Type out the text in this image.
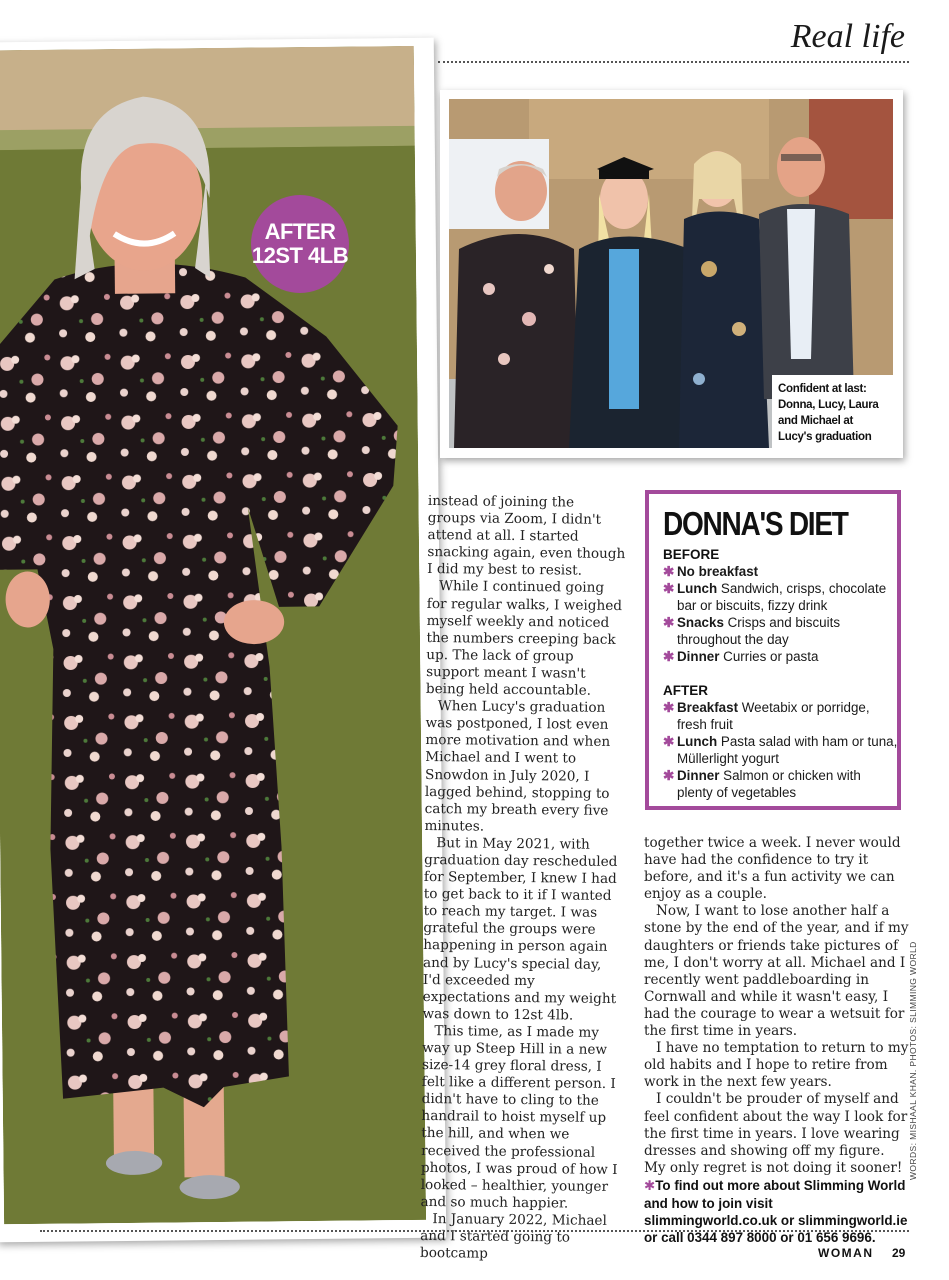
Real life
AFTER
12ST 4LB
Confident at last: Donna, Lucy, Laura and Michael at Lucy's graduation

instead of joining the groups via Zoom, I didn't attend at all. I started snacking again, even though I did my best to resist.

While I continued going for regular walks, I weighed myself weekly and noticed the numbers creeping back up. The lack of group support meant I wasn't being held accountable.

When Lucy's graduation was postponed, I lost even more motivation and when Michael and I went to Snowdon in July 2020, I lagged behind, stopping to catch my breath every five minutes.

But in May 2021, with graduation day rescheduled for September, I knew I had to get back to it if I wanted to reach my target. I was grateful the groups were happening in person again and by Lucy's special day, I'd exceeded my expectations and my weight was down to 12st 4lb.

This time, as I made my way up Steep Hill in a new size-14 grey floral dress, I felt like a different person. I didn't have to cling to the handrail to hoist myself up the hill, and when we received the professional photos, I was proud of how I looked – healthier, younger and so much happier.

In January 2022, Michael and I started going to bootcamp

DONNA'S DIET
BEFORE
✱ No breakfast
✱ Lunch Sandwich, crisps, chocolate bar or biscuits, fizzy drink
✱ Snacks Crisps and biscuits throughout the day
✱ Dinner Curries or pasta
AFTER
✱ Breakfast Weetabix or porridge, fresh fruit
✱ Lunch Pasta salad with ham or tuna, Müllerlight yogurt
✱ Dinner Salmon or chicken with plenty of vegetables

together twice a week. I never would have had the confidence to try it before, and it's a fun activity we can enjoy as a couple.

Now, I want to lose another half a stone by the end of the year, and if my daughters or friends take pictures of me, I don't worry at all. Michael and I recently went paddleboarding in Cornwall and while it wasn't easy, I had the courage to wear a wetsuit for the first time in years.

I have no temptation to return to my old habits and I hope to retire from work in the next few years.

I couldn't be prouder of myself and feel confident about the way I look for the first time in years. I love wearing dresses and showing off my figure. My only regret is not doing it sooner!

✱To find out more about Slimming World and how to join visit slimmingworld.co.uk or slimmingworld.ie or call 0344 897 8000 or 01 656 9696.

WORDS: MISHAAL KHAN. PHOTOS: SLIMMING WORLD
WOMAN 29
